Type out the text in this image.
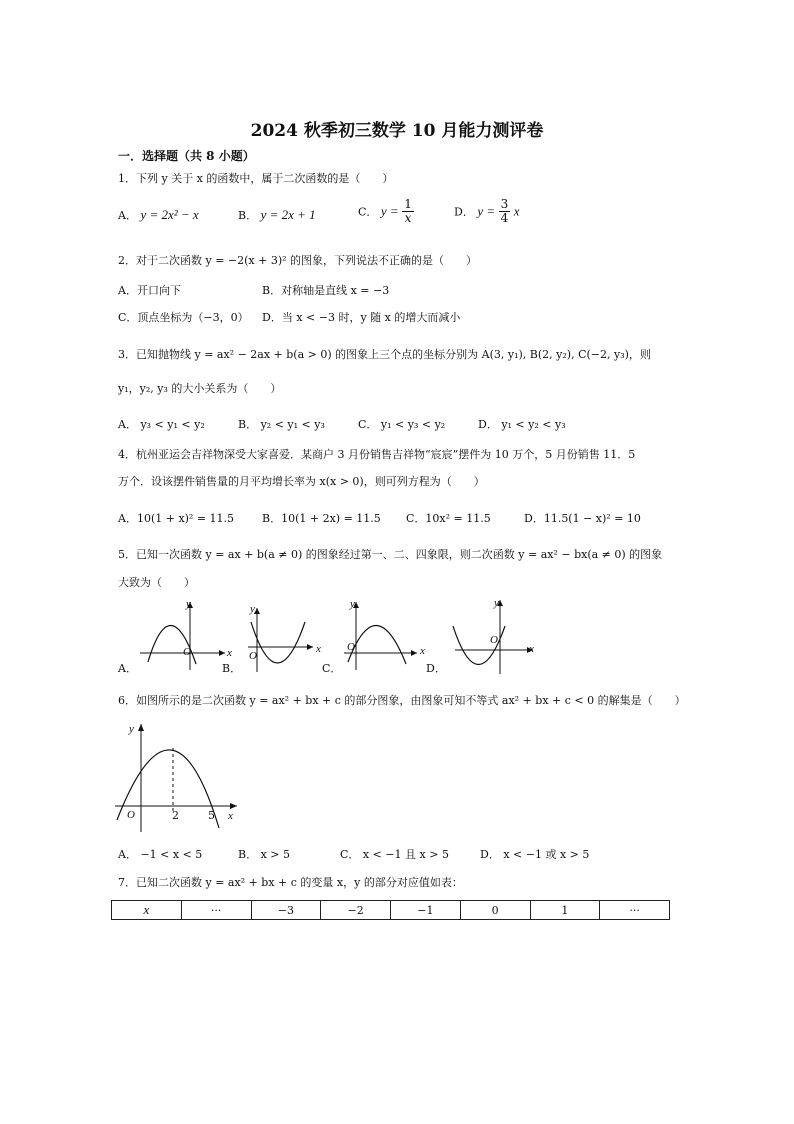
2024 秋季初三数学 10 月能力测评卷
一．选择题（共 8 小题）
1．下列 y 关于 x 的函数中，属于二次函数的是（　　）
A． y = 2x² − x	B． y = 2x + 1	C． $y = \frac{1}{x}$	D． $y = \frac{3}{4}$ x
2．对于二次函数 y = −2(x + 3)² 的图象，下列说法不正确的是（　　）
A．开口向下	B．对称轴是直线 x = −3
C．顶点坐标为（−3，0） D．当 x < −3 时，y 随 x 的增大而减小
3．已知抛物线 y = ax² − 2ax + b(a > 0) 的图象上三个点的坐标分别为 A(3, y₁), B(2, y₂), C(−2, y₃)，则
y₁，y₂, y₃ 的大小关系为（　　）
A． y₃ < y₁ < y₂	B． y₂ < y₁ < y₃	C． y₁ < y₃ < y₂	D． y₁ < y₂ < y₃
4．杭州亚运会吉祥物深受大家喜爱．某商户 3 月份销售吉祥物“宸宸”摆件为 10 万个，5 月份销售 11．5
万个．设该摆件销售量的月平均增长率为 x(x > 0)，则可列方程为（　　）
A．10(1 + x)² = 11.5	B．10(1 + 2x) = 11.5 C．10x² = 11.5	D．11.5(1 − x)² = 10
5．已知一次函数 y = ax + b(a ≠ 0) 的图象经过第一、二、四象限，则二次函数 y = ax² − bx(a ≠ 0) 的图象
大致为（　　）
y
x
O
A．
y
x
O
B．
y
x
O
C．
y
x
O
D．
6．如图所示的是二次函数 y = ax² + bx + c 的部分图象，由图象可知不等式 ax² + bx + c < 0 的解集是（　　）
y
x
O	2	5
A． −1 < x < 5	B． x > 5	C． x < −1 且 x > 5	D． x < −1 或 x > 5
7．已知二次函数 y = ax² + bx + c 的变量 x，y 的部分对应值如表：
x	···	−3	−2	−1	0	1	···
